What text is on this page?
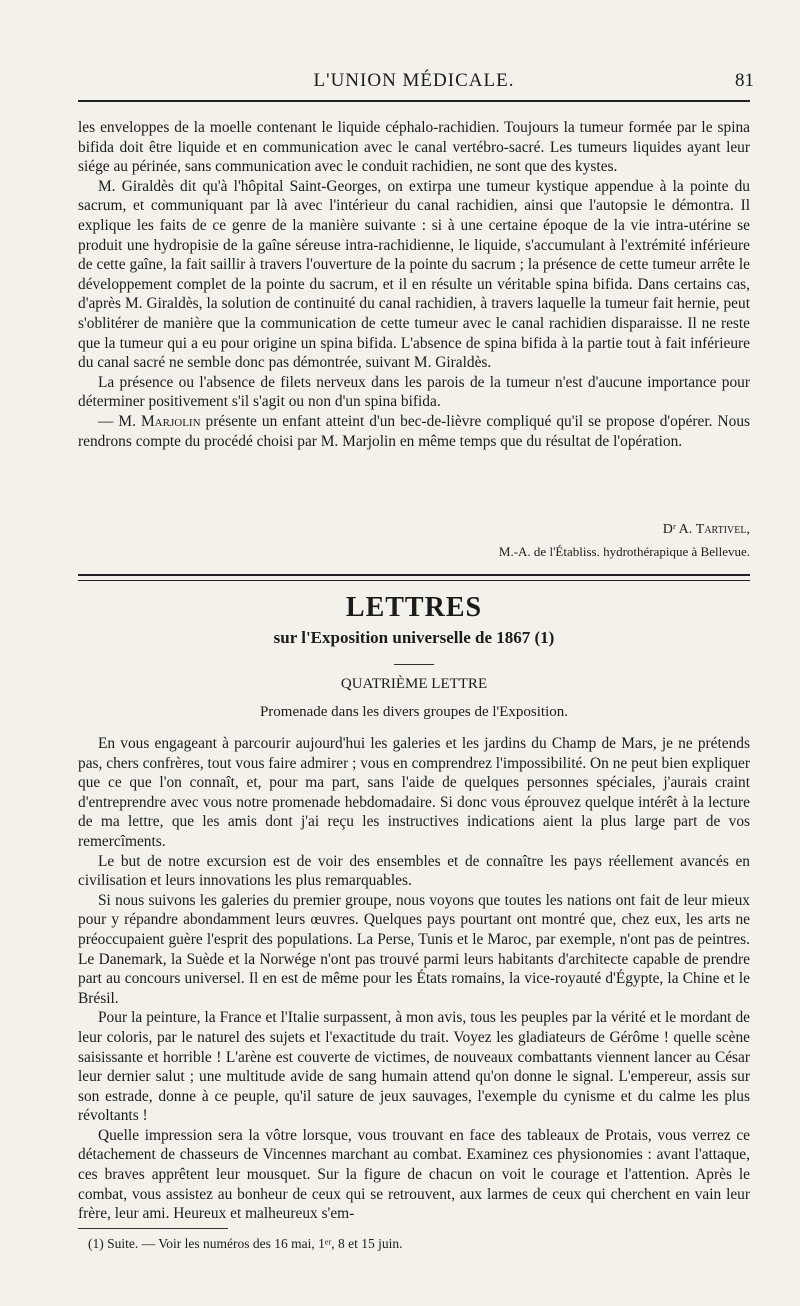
L'UNION MÉDICALE.	81

les enveloppes de la moelle contenant le liquide céphalo-rachidien. Toujours la tumeur formée par le spina bifida doit être liquide et en communication avec le canal vertébro-sacré. Les tumeurs liquides ayant leur siége au périnée, sans communication avec le conduit rachidien, ne sont que des kystes.

M. Giraldès dit qu'à l'hôpital Saint-Georges, on extirpa une tumeur kystique appendue à la pointe du sacrum, et communiquant par là avec l'intérieur du canal rachidien, ainsi que l'autopsie le démontra. Il explique les faits de ce genre de la manière suivante : si à une certaine époque de la vie intra-utérine se produit une hydropisie de la gaîne séreuse intra-rachidienne, le liquide, s'accumulant à l'extrémité inférieure de cette gaîne, la fait saillir à travers l'ouverture de la pointe du sacrum ; la présence de cette tumeur arrête le développement complet de la pointe du sacrum, et il en résulte un véritable spina bifida. Dans certains cas, d'après M. Giraldès, la solution de continuité du canal rachidien, à travers laquelle la tumeur fait hernie, peut s'oblitérer de manière que la communication de cette tumeur avec le canal rachidien disparaisse. Il ne reste que la tumeur qui a eu pour origine un spina bifida. L'absence de spina bifida à la partie tout à fait inférieure du canal sacré ne semble donc pas démontrée, suivant M. Giraldès.

La présence ou l'absence de filets nerveux dans les parois de la tumeur n'est d'aucune importance pour déterminer positivement s'il s'agit ou non d'un spina bifida.

— M. Marjolin présente un enfant atteint d'un bec-de-lièvre compliqué qu'il se propose d'opérer. Nous rendrons compte du procédé choisi par M. Marjolin en même temps que du résultat de l'opération.

Dʳ A. Tartivel,
M.-A. de l'Établiss. hydrothérapique à Bellevue.
LETTRES
sur l'Exposition universelle de 1867 (1)
QUATRIÈME LETTRE
Promenade dans les divers groupes de l'Exposition.

En vous engageant à parcourir aujourd'hui les galeries et les jardins du Champ de Mars, je ne prétends pas, chers confrères, tout vous faire admirer ; vous en comprendrez l'impossibilité. On ne peut bien expliquer que ce que l'on connaît, et, pour ma part, sans l'aide de quelques personnes spéciales, j'aurais craint d'entreprendre avec vous notre promenade hebdomadaire. Si donc vous éprouvez quelque intérêt à la lecture de ma lettre, que les amis dont j'ai reçu les instructives indications aient la plus large part de vos remercîments.

Le but de notre excursion est de voir des ensembles et de connaître les pays réellement avancés en civilisation et leurs innovations les plus remarquables.

Si nous suivons les galeries du premier groupe, nous voyons que toutes les nations ont fait de leur mieux pour y répandre abondamment leurs œuvres. Quelques pays pourtant ont montré que, chez eux, les arts ne préoccupaient guère l'esprit des populations. La Perse, Tunis et le Maroc, par exemple, n'ont pas de peintres. Le Danemark, la Suède et la Norwége n'ont pas trouvé parmi leurs habitants d'architecte capable de prendre part au concours universel. Il en est de même pour les États romains, la vice-royauté d'Égypte, la Chine et le Brésil.

Pour la peinture, la France et l'Italie surpassent, à mon avis, tous les peuples par la vérité et le mordant de leur coloris, par le naturel des sujets et l'exactitude du trait. Voyez les gladiateurs de Gérôme ! quelle scène saisissante et horrible ! L'arène est couverte de victimes, de nouveaux combattants viennent lancer au César leur dernier salut ; une multitude avide de sang humain attend qu'on donne le signal. L'empereur, assis sur son estrade, donne à ce peuple, qu'il sature de jeux sauvages, l'exemple du cynisme et du calme les plus révoltants !

Quelle impression sera la vôtre lorsque, vous trouvant en face des tableaux de Protais, vous verrez ce détachement de chasseurs de Vincennes marchant au combat. Examinez ces physionomies : avant l'attaque, ces braves apprêtent leur mousquet. Sur la figure de chacun on voit le courage et l'attention. Après le combat, vous assistez au bonheur de ceux qui se retrouvent, aux larmes de ceux qui cherchent en vain leur frère, leur ami. Heureux et malheureux s'em-

(1) Suite. — Voir les numéros des 16 mai, 1ᵉʳ, 8 et 15 juin.
